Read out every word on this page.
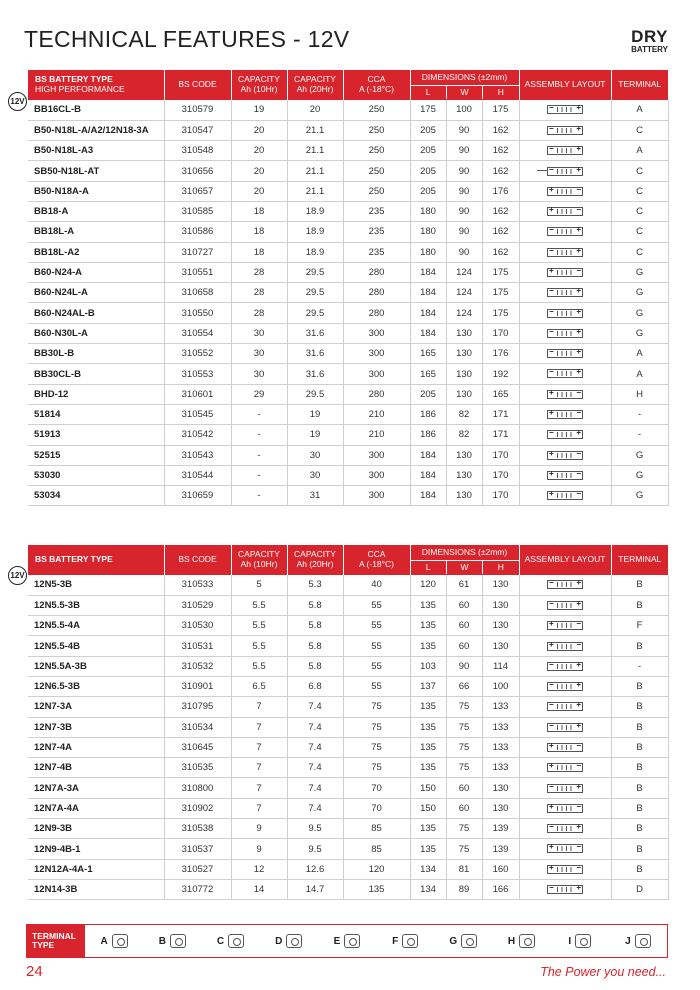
TECHNICAL FEATURES - 12V	DRY
BATTERY
12V
12V
BS BATTERY TYPE
HIGH PERFORMANCE	BS CODE	CAPACITY
Ah (10Hr)	CAPACITY
Ah (20Hr)	CCA
A (-18°C)	DIMENSIONS (±2mm)
L W H			ASSEMBLY LAYOUT	TERMINAL
BB16CL-B	310579	19	20	250	175	100	175	− +	A
B50-N18L-A/A2/12N18-3A	310547	20	21.1	250	205	90	162	− +	C
B50-N18L-A3	310548	20	21.1	250	205	90	162	− +	A
SB50-N18L-AT	310656	20	21.1	250	205	90	162	− +	C
B50-N18A-A	310657	20	21.1	250	205	90	176	+ −	C
BB18-A	310585	18	18.9	235	180	90	162	+ −	C
BB18L-A	310586	18	18.9	235	180	90	162	− +	C
BB18L-A2	310727	18	18.9	235	180	90	162	− +	C
B60-N24-A	310551	28	29.5	280	184	124	175	+ −	G
B60-N24L-A	310658	28	29.5	280	184	124	175	− +	G
B60-N24AL-B	310550	28	29.5	280	184	124	175	− +	G
B60-N30L-A	310554	30	31.6	300	184	130	170	− +	G
BB30L-B	310552	30	31.6	300	165	130	176	− +	A
BB30CL-B	310553	30	31.6	300	165	130	192	− +	A
BHD-12	310601	29	29.5	280	205	130	165	+ −	H
51814	310545	-	19	210	186	82	171	+ −	-
51913	310542	-	19	210	186	82	171	− +	-
52515	310543	-	30	300	184	130	170	+ −	G
53030	310544	-	30	300	184	130	170	+ −	G
53034	310659	-	31	300	184	130	170	+ −	G
BS BATTERY TYPE	BS CODE	CAPACITY
Ah (10Hr)	CAPACITY
Ah (20Hr)	CCA
A (-18°C)	DIMENSIONS (±2mm)
L W H			ASSEMBLY LAYOUT	TERMINAL
12N5-3B	310533	5	5.3	40	120	61	130	− +	B
12N5.5-3B	310529	5.5	5.8	55	135	60	130	− +	B
12N5.5-4A	310530	5.5	5.8	55	135	60	130	+ −	F
12N5.5-4B	310531	5.5	5.8	55	135	60	130	+ −	B
12N5.5A-3B	310532	5.5	5.8	55	103	90	114	− +	-
12N6.5-3B	310901	6.5	6.8	55	137	66	100	− +	B
12N7-3A	310795	7	7.4	75	135	75	133	− +	B
12N7-3B	310534	7	7.4	75	135	75	133	− +	B
12N7-4A	310645	7	7.4	75	135	75	133	+ −	B
12N7-4B	310535	7	7.4	75	135	75	133	+ −	B
12N7A-3A	310800	7	7.4	70	150	60	130	− +	B
12N7A-4A	310902	7	7.4	70	150	60	130	+ −	B
12N9-3B	310538	9	9.5	85	135	75	139	− +	B
12N9-4B-1	310537	9	9.5	85	135	75	139	+ −	B
12N12A-4A-1	310527	12	12.6	120	134	81	160	+ −	B
12N14-3B	310772	14	14.7	135	134	89	166	− +	D
TERMINAL
TYPE	A	B	C	D	E	F	G	H	I	J
24	The Power you need...
